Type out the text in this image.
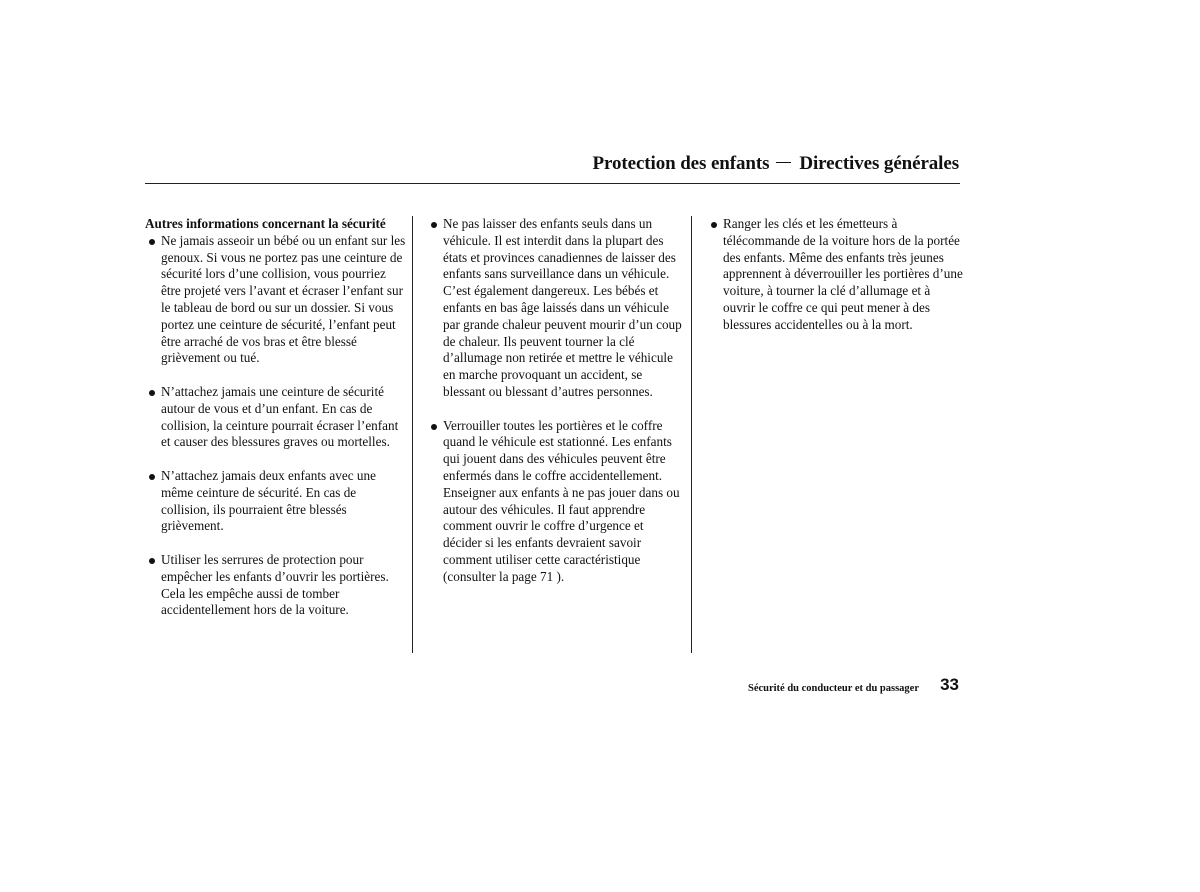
Protection des enfants Directives générales
Autres informations concernant la sécurité
Ne jamais asseoir un bébé ou un enfant sur les genoux. Si vous ne portez pas une ceinture de sécurité lors d’une collision, vous pourriez être projeté vers l’avant et écraser l’enfant sur le tableau de bord ou sur un dossier. Si vous portez une ceinture de sécurité, l’enfant peut être arraché de vos bras et être blessé grièvement ou tué.
N’attachez jamais une ceinture de sécurité autour de vous et d’un enfant. En cas de collision, la ceinture pourrait écraser l’enfant et causer des blessures graves ou mortelles.
N’attachez jamais deux enfants avec une même ceinture de sécurité. En cas de collision, ils pourraient être blessés grièvement.
Utiliser les serrures de protection pour empêcher les enfants d’ouvrir les portières. Cela les empêche aussi de tomber accidentellement hors de la voiture.
Ne pas laisser des enfants seuls dans un véhicule. Il est interdit dans la plupart des états et provinces canadiennes de laisser des enfants sans surveillance dans un véhicule. C’est également dangereux. Les bébés et enfants en bas âge laissés dans un véhicule par grande chaleur peuvent mourir d’un coup de chaleur. Ils peuvent tourner la clé d’allumage non retirée et mettre le véhicule en marche provoquant un accident, se blessant ou blessant d’autres personnes.
Verrouiller toutes les portières et le coffre quand le véhicule est stationné. Les enfants qui jouent dans des véhicules peuvent être enfermés dans le coffre accidentellement. Enseigner aux enfants à ne pas jouer dans ou autour des véhicules. Il faut apprendre comment ouvrir le coffre d’urgence et décider si les enfants devraient savoir comment utiliser cette caractéristique (consulter la page 71 ).
Ranger les clés et les émetteurs à télécommande de la voiture hors de la portée des enfants. Même des enfants très jeunes apprennent à déverrouiller les portières d’une voiture, à tourner la clé d’allumage et à ouvrir le coffre ce qui peut mener à des blessures accidentelles ou à la mort.
Sécurité du conducteur et du passager 33
